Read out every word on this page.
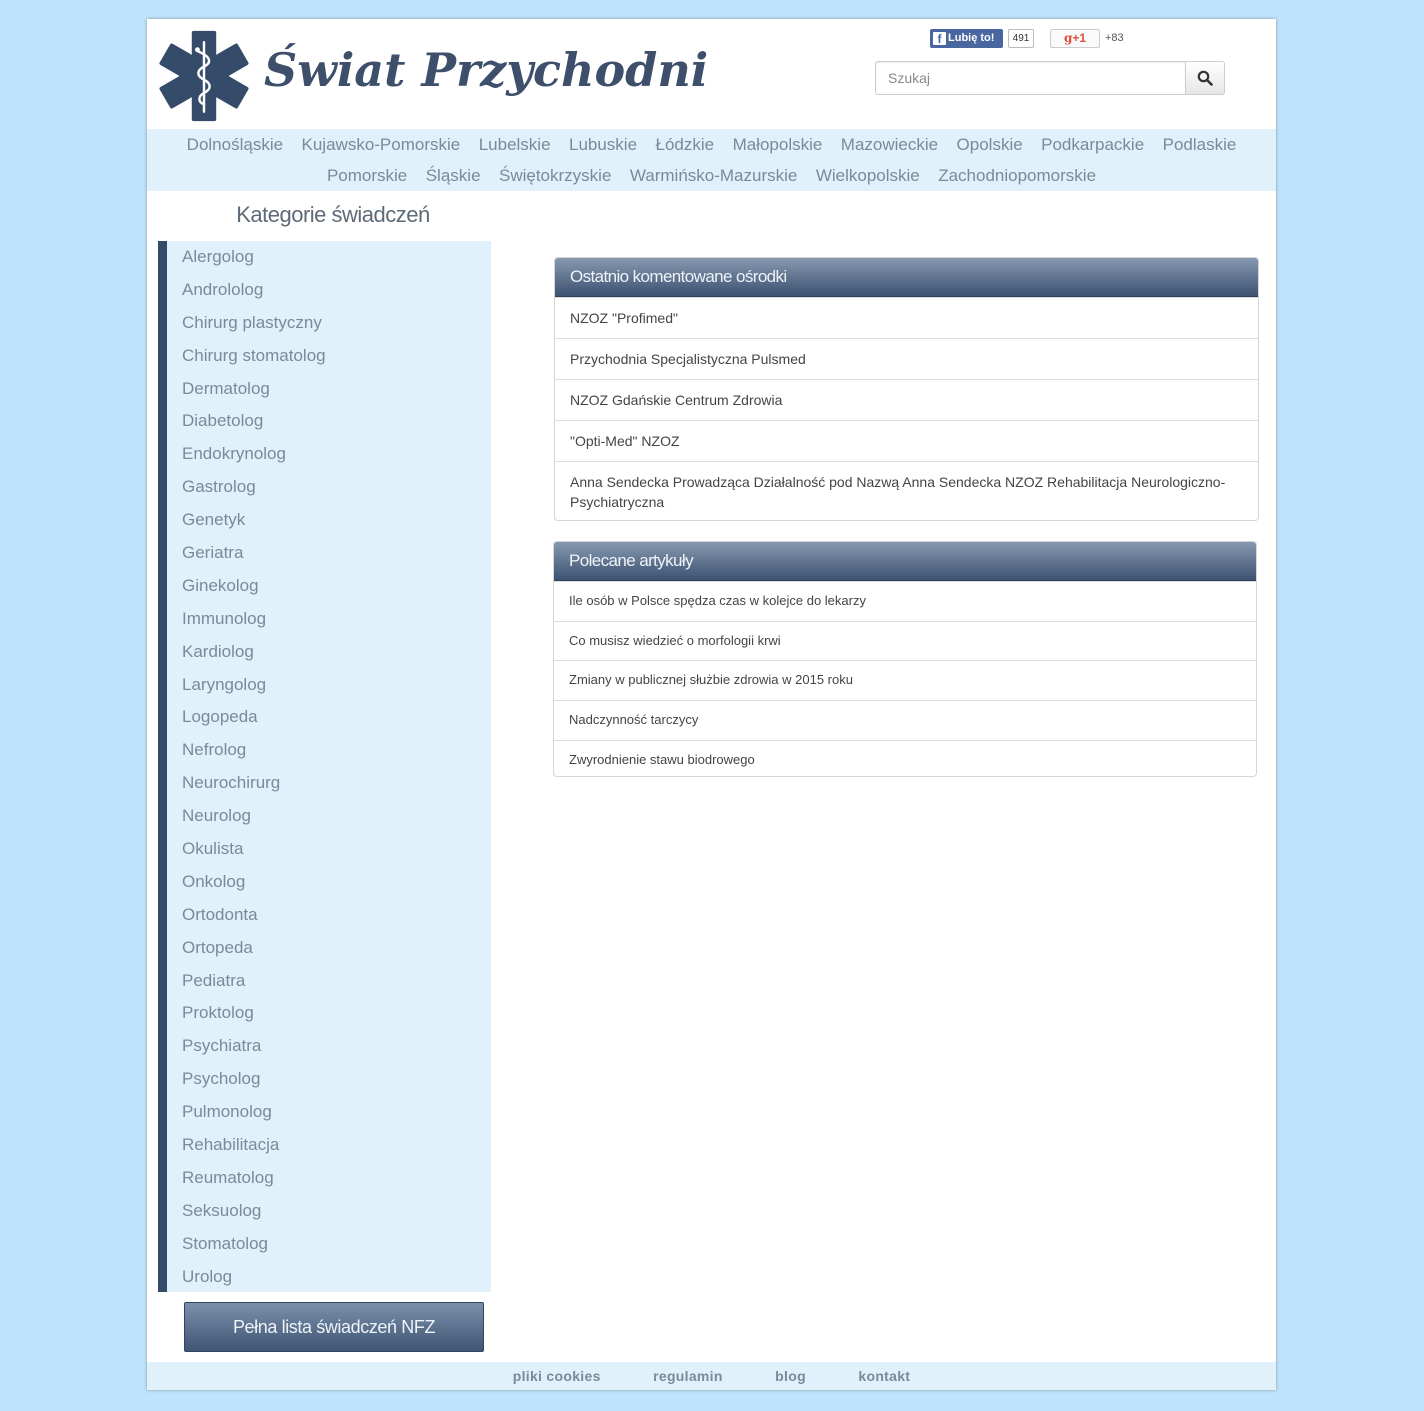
Świat Przychodni
f Lubię to!	491	g+1	+83
Szukaj
Dolnośląskie Kujawsko-Pomorskie Lubelskie Lubuskie Łódzkie Małopolskie Mazowieckie Opolskie Podkarpackie Podlaskie
Pomorskie Śląskie Świętokrzyskie Warmińsko-Mazurskie Wielkopolskie Zachodniopomorskie
Kategorie świadczeń
Alergolog
Andrololog
Chirurg plastyczny
Chirurg stomatolog
Dermatolog
Diabetolog
Endokrynolog
Gastrolog
Genetyk
Geriatra
Ginekolog
Immunolog
Kardiolog
Laryngolog
Logopeda
Nefrolog
Neurochirurg
Neurolog
Okulista
Onkolog
Ortodonta
Ortopeda
Pediatra
Proktolog
Psychiatra
Psycholog
Pulmonolog
Rehabilitacja
Reumatolog
Seksuolog
Stomatolog
Urolog
Pełna lista świadczeń NFZ
Ostatnio komentowane ośrodki
NZOZ "Profimed"
Przychodnia Specjalistyczna Pulsmed
NZOZ Gdańskie Centrum Zdrowia
"Opti-Med" NZOZ
Anna Sendecka Prowadząca Działalność pod Nazwą Anna Sendecka NZOZ Rehabilitacja Neurologiczno-Psychiatryczna
Polecane artykuły
Ile osób w Polsce spędza czas w kolejce do lekarzy
Co musisz wiedzieć o morfologii krwi
Zmiany w publicznej służbie zdrowia w 2015 roku
Nadczynność tarczycy
Zwyrodnienie stawu biodrowego
pliki cookies	regulamin	blog	kontakt
